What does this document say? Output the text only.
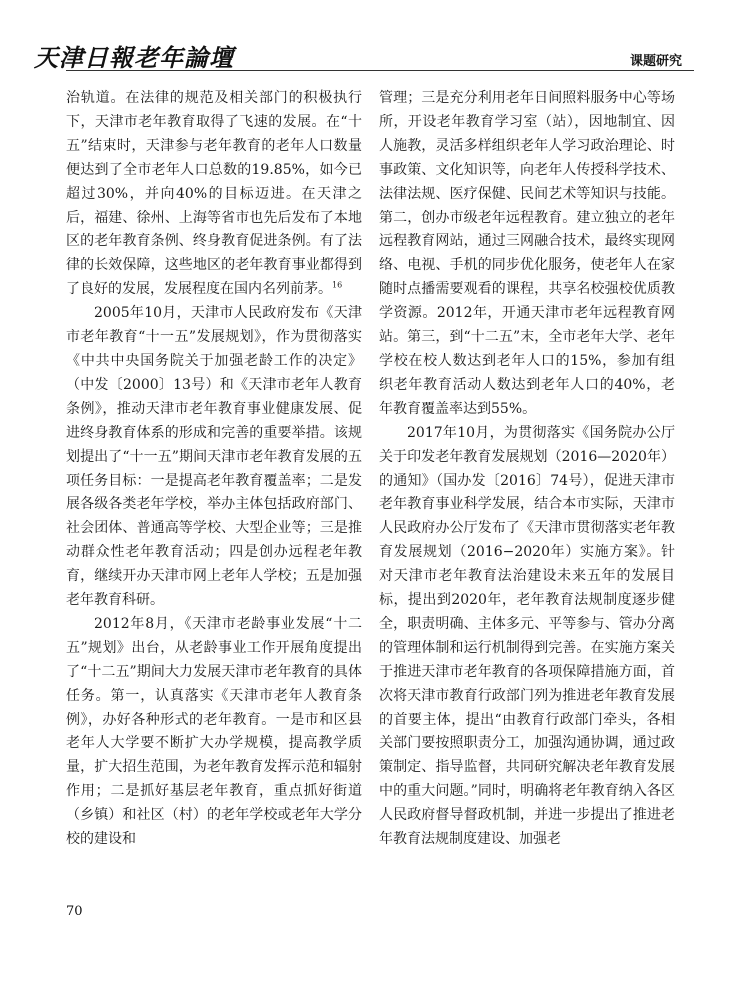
天津日報老年論壇	课题研究

治轨道。在法律的规范及相关部门的积极执行下，天津市老年教育取得了飞速的发展。在“十五”结束时，天津参与老年教育的老年人口数量便达到了全市老年人口总数的19.85%，如今已超过30%，并向40%的目标迈进。在天津之后，福建、徐州、上海等省市也先后发布了本地区的老年教育条例、终身教育促进条例。有了法律的长效保障，这些地区的老年教育事业都得到了良好的发展，发展程度在国内名列前茅。$^{16}$

2005年10月，天津市人民政府发布《天津市老年教育“十一五”发展规划》，作为贯彻落实《中共中央国务院关于加强老龄工作的决定》（中发〔2000〕13号）和《天津市老年人教育条例》，推动天津市老年教育事业健康发展、促进终身教育体系的形成和完善的重要举措。该规划提出了“十一五”期间天津市老年教育发展的五项任务目标：一是提高老年教育覆盖率；二是发展各级各类老年学校，举办主体包括政府部门、社会团体、普通高等学校、大型企业等；三是推动群众性老年教育活动；四是创办远程老年教育，继续开办天津市网上老年人学校；五是加强老年教育科研。

2012年8月，《天津市老龄事业发展“十二五”规划》出台，从老龄事业工作开展角度提出了“十二五”期间大力发展天津市老年教育的具体任务。第一，认真落实《天津市老年人教育条例》，办好各种形式的老年教育。一是市和区县老年人大学要不断扩大办学规模，提高教学质量，扩大招生范围，为老年教育发挥示范和辐射作用；二是抓好基层老年教育，重点抓好街道（乡镇）和社区（村）的老年学校或老年大学分校的建设和

管理；三是充分利用老年日间照料服务中心等场所，开设老年教育学习室（站），因地制宜、因人施教，灵活多样组织老年人学习政治理论、时事政策、文化知识等，向老年人传授科学技术、法律法规、医疗保健、民间艺术等知识与技能。第二，创办市级老年远程教育。建立独立的老年远程教育网站，通过三网融合技术，最终实现网络、电视、手机的同步优化服务，使老年人在家随时点播需要观看的课程，共享名校强校优质教学资源。2012年，开通天津市老年远程教育网站。第三，到“十二五”末，全市老年大学、老年学校在校人数达到老年人口的15%，参加有组织老年教育活动人数达到老年人口的40%，老年教育覆盖率达到55%。

2017年10月，为贯彻落实《国务院办公厅关于印发老年教育发展规划（2016—2020年）的通知》（国办发〔2016〕74号），促进天津市老年教育事业科学发展，结合本市实际，天津市人民政府办公厅发布了《天津市贯彻落实老年教育发展规划（2016−2020年）实施方案》。针对天津市老年教育法治建设未来五年的发展目标，提出到2020年，老年教育法规制度逐步健全，职责明确、主体多元、平等参与、管办分离的管理体制和运行机制得到完善。在实施方案关于推进天津市老年教育的各项保障措施方面，首次将天津市教育行政部门列为推进老年教育发展的首要主体，提出“由教育行政部门牵头，各相关部门要按照职责分工，加强沟通协调，通过政策制定、指导监督，共同研究解决老年教育发展中的重大问题。”同时，明确将老年教育纳入各区人民政府督导督政机制，并进一步提出了推进老年教育法规制度建设、加强老

70
